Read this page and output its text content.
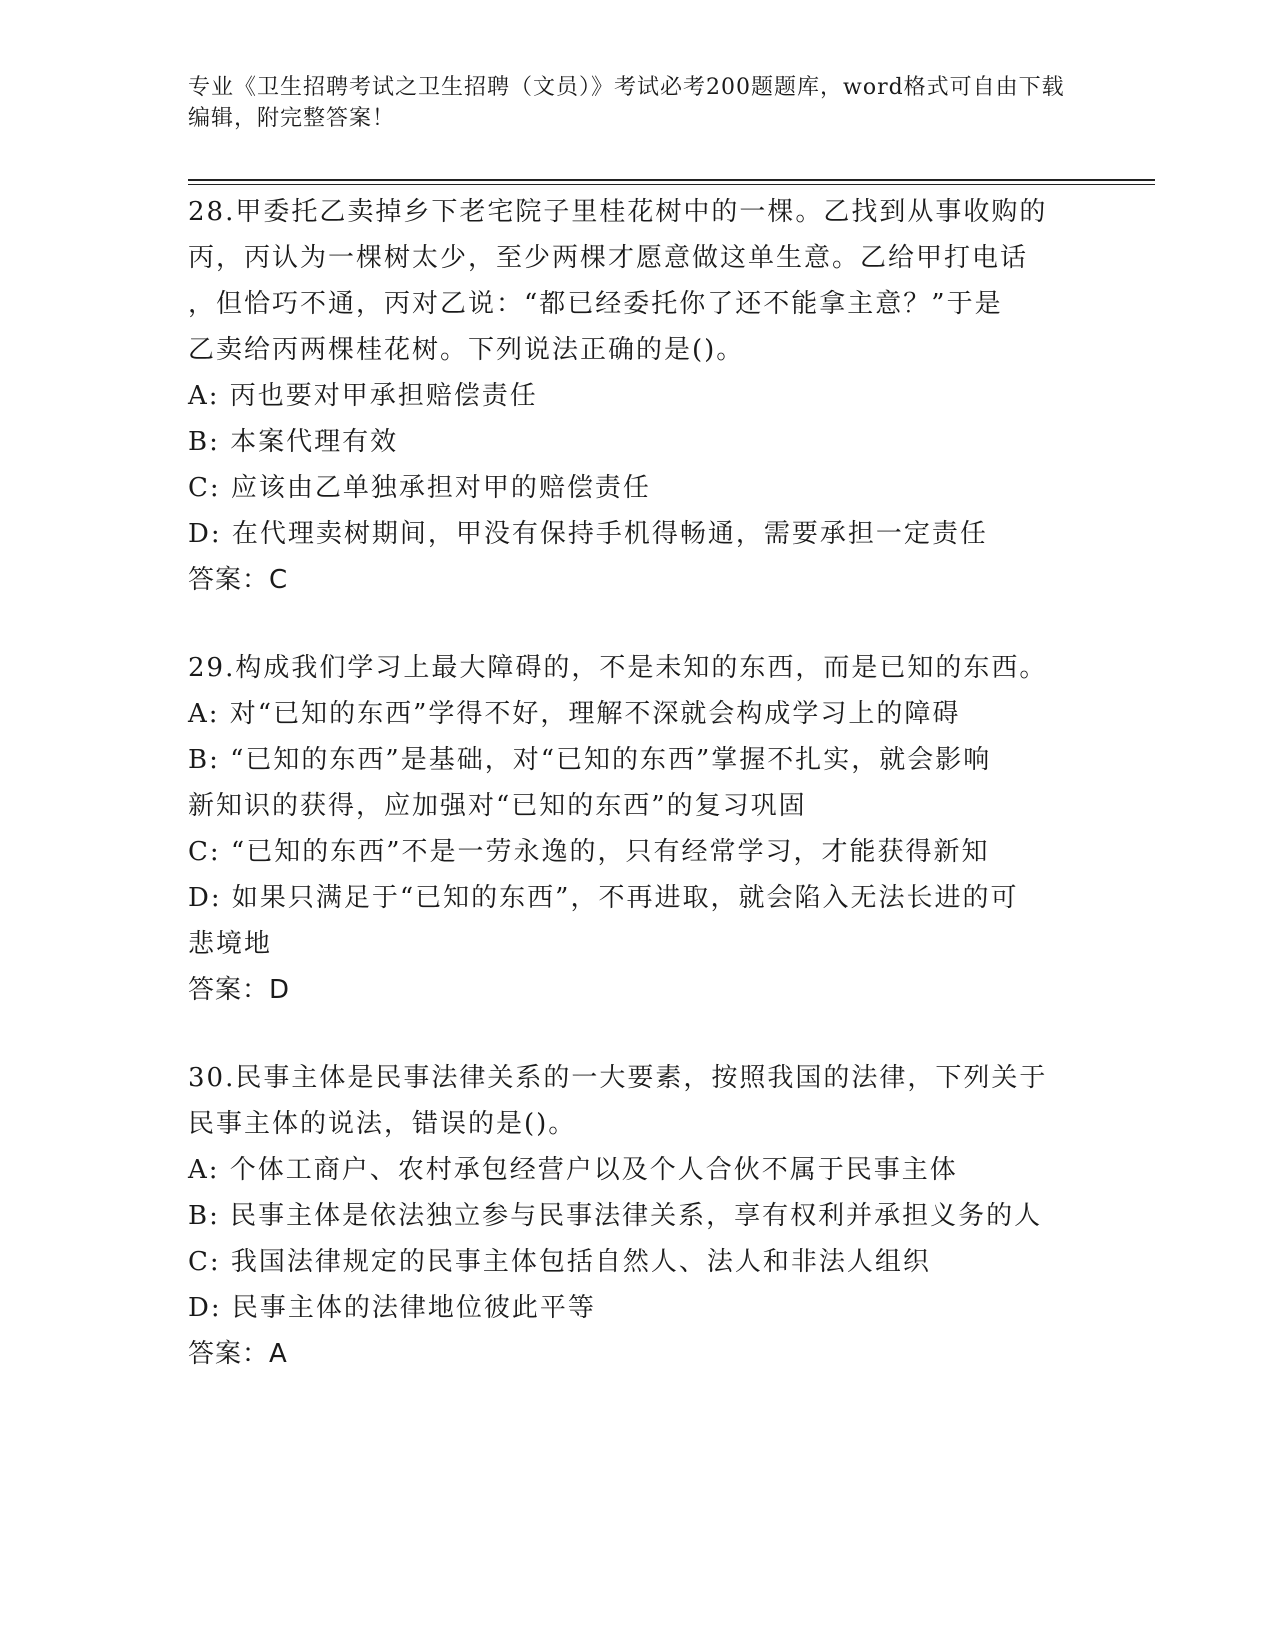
专业《卫生招聘考试之卫生招聘（文员）》考试必考200题题库，word格式可自由下载编辑，附完整答案！

28.甲委托乙卖掉乡下老宅院子里桂花树中的一棵。乙找到从事收购的

丙，丙认为一棵树太少，至少两棵才愿意做这单生意。乙给甲打电话

，但恰巧不通，丙对乙说：“都已经委托你了还不能拿主意？”于是

乙卖给丙两棵桂花树。下列说法正确的是()。

A: 丙也要对甲承担赔偿责任

B: 本案代理有效

C: 应该由乙单独承担对甲的赔偿责任

D: 在代理卖树期间，甲没有保持手机得畅通，需要承担一定责任

答案：C

29.构成我们学习上最大障碍的，不是未知的东西，而是已知的东西。

A: 对“已知的东西”学得不好，理解不深就会构成学习上的障碍

B: “已知的东西”是基础，对“已知的东西”掌握不扎实，就会影响

新知识的获得，应加强对“已知的东西”的复习巩固

C: “已知的东西”不是一劳永逸的，只有经常学习，才能获得新知

D: 如果只满足于“已知的东西”，不再进取，就会陷入无法长进的可

悲境地

答案：D

30.民事主体是民事法律关系的一大要素，按照我国的法律，下列关于

民事主体的说法，错误的是()。

A: 个体工商户、农村承包经营户以及个人合伙不属于民事主体

B: 民事主体是依法独立参与民事法律关系，享有权利并承担义务的人

C: 我国法律规定的民事主体包括自然人、法人和非法人组织

D: 民事主体的法律地位彼此平等

答案：A
